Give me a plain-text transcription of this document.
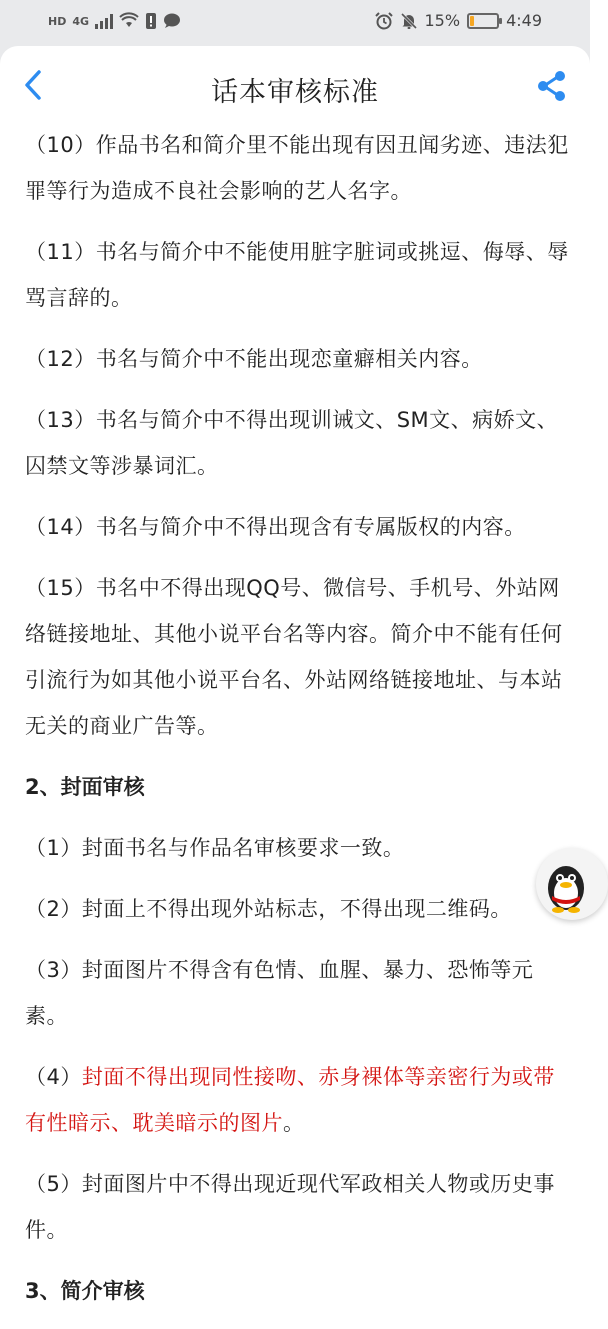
HD 4G	15%	4:49
话本审核标准

（10）作品书名和简介里不能出现有因丑闻劣迹、违法犯罪等行为造成不良社会影响的艺人名字。

（11）书名与简介中不能使用脏字脏词或挑逗、侮辱、辱骂言辞的。

（12）书名与简介中不能出现恋童癖相关内容。

（13）书名与简介中不得出现训诫文、SM文、病娇文、囚禁文等涉暴词汇。

（14）书名与简介中不得出现含有专属版权的内容。

（15）书名中不得出现QQ号、微信号、手机号、外站网络链接地址、其他小说平台名等内容。简介中不能有任何引流行为如其他小说平台名、外站网络链接地址、与本站无关的商业广告等。

2、封面审核

（1）封面书名与作品名审核要求一致。

（2）封面上不得出现外站标志，不得出现二维码。

（3）封面图片不得含有色情、血腥、暴力、恐怖等元素。

（4）封面不得出现同性接吻、赤身裸体等亲密行为或带有性暗示、耽美暗示的图片。

（5）封面图片中不得出现近现代军政相关人物或历史事件。

3、简介审核
